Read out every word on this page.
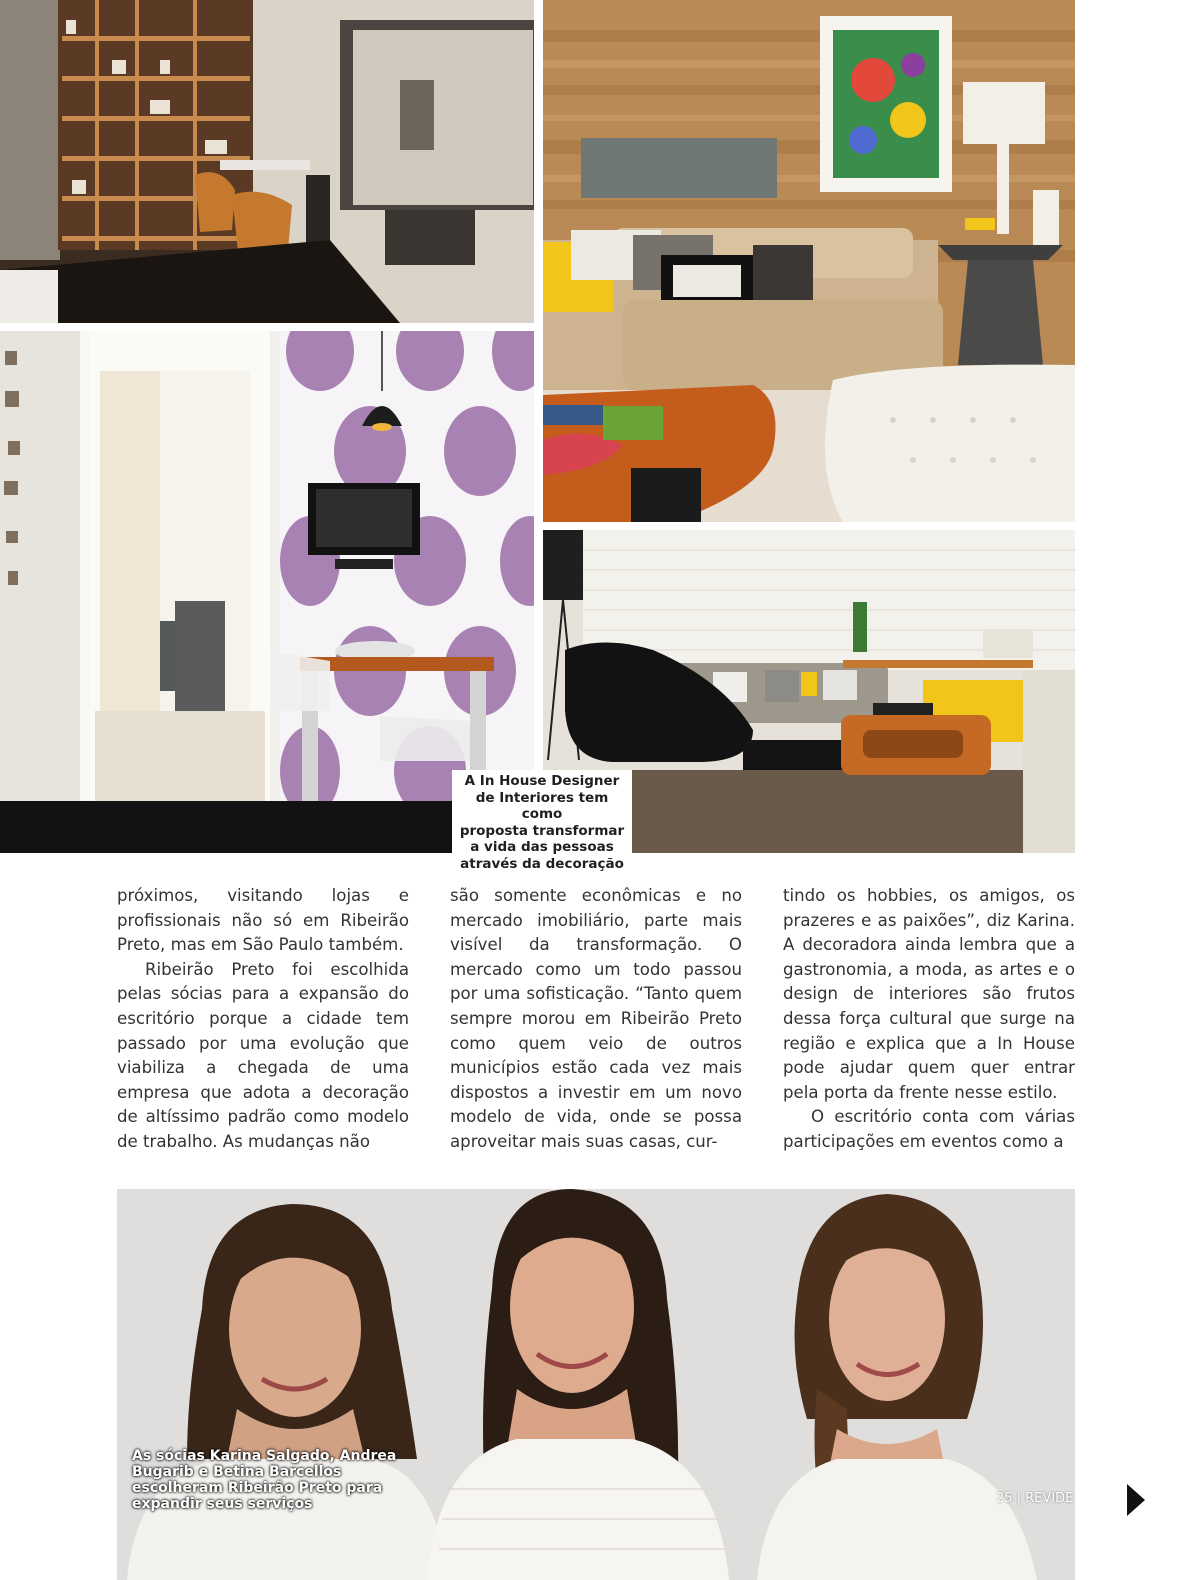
A In House Designer
de Interiores tem como
proposta transformar
a vida das pessoas
através da decoração

próximos, visitando lojas e profissionais não só em Ribeirão Preto, mas em São Paulo também.

Ribeirão Preto foi escolhida pelas sócias para a expansão do escritório porque a cidade tem passado por uma evolução que viabiliza a chegada de uma empresa que adota a decoração de altíssimo padrão como modelo de trabalho. As mudanças não

são somente econômicas e no mercado imobiliário, parte mais visível da transformação. O mercado como um todo passou por uma sofisticação. “Tanto quem sempre morou em Ribeirão Preto como quem veio de outros municípios estão cada vez mais dispostos a investir em um novo modelo de vida, onde se possa aproveitar mais suas casas, cur-

tindo os hobbies, os amigos, os prazeres e as paixões”, diz Karina. A decoradora ainda lembra que a gastronomia, a moda, as artes e o design de interiores são frutos dessa força cultural que surge na região e explica que a In House pode ajudar quem quer entrar pela porta da frente nesse estilo.

O escritório conta com várias participações em eventos como a

As sócias Karina Salgado, Andrea
Bugarib e Betina Barcellos
escolheram Ribeirão Preto para
expandir seus serviços	25 | REVIDE
